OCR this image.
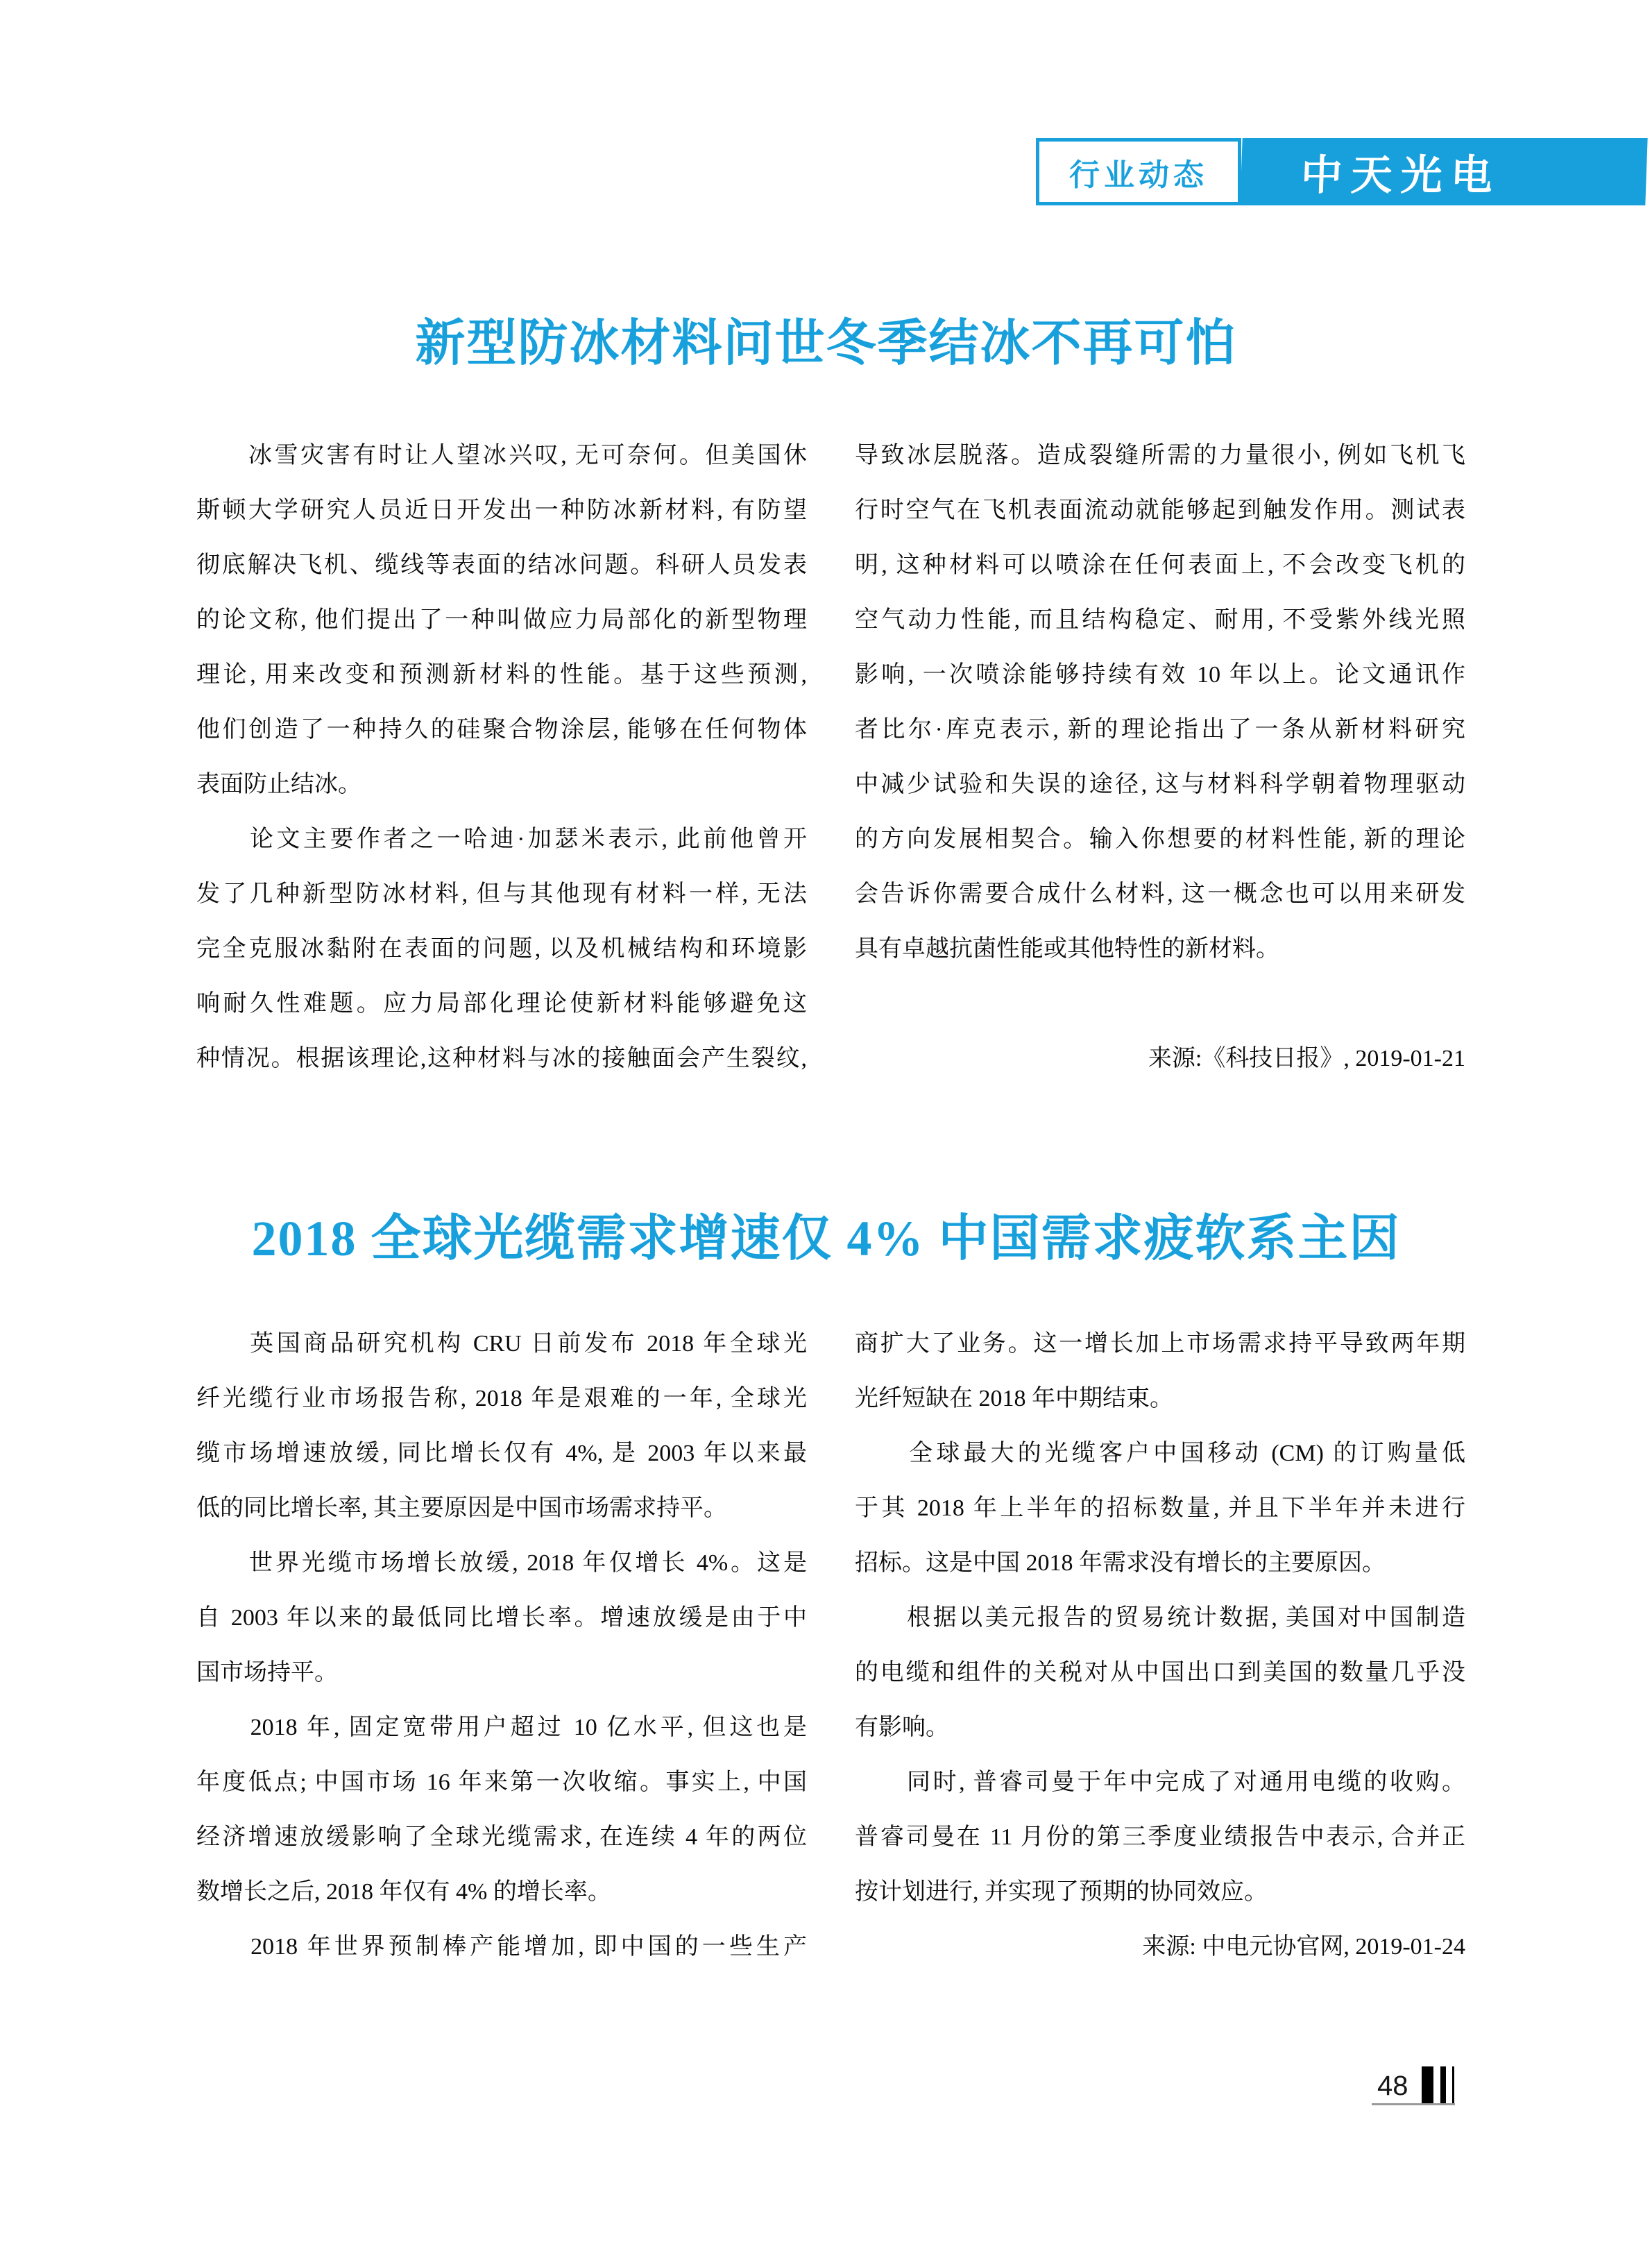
行业动态	中天光电
新型防冰材料问世冬季结冰不再可怕
　　冰雪灾害有时让人望冰兴叹, 无可奈何。但美国休
斯顿大学研究人员近日开发出一种防冰新材料, 有防望
彻底解决飞机、缆线等表面的结冰问题。科研人员发表
的论文称, 他们提出了一种叫做应力局部化的新型物理
理论, 用来改变和预测新材料的性能。基于这些预测,
他们创造了一种持久的硅聚合物涂层, 能够在任何物体
表面防止结冰。
　　论文主要作者之一哈迪·加瑟米表示, 此前他曾开
发了几种新型防冰材料, 但与其他现有材料一样, 无法
完全克服冰黏附在表面的问题, 以及机械结构和环境影
响耐久性难题。应力局部化理论使新材料能够避免这
种情况。根据该理论,这种材料与冰的接触面会产生裂纹,
导致冰层脱落。造成裂缝所需的力量很小, 例如飞机飞
行时空气在飞机表面流动就能够起到触发作用。测试表
明, 这种材料可以喷涂在任何表面上, 不会改变飞机的
空气动力性能, 而且结构稳定、耐用, 不受紫外线光照
影响, 一次喷涂能够持续有效 10 年以上。论文通讯作
者比尔·库克表示, 新的理论指出了一条从新材料研究
中减少试验和失误的途径, 这与材料科学朝着物理驱动
的方向发展相契合。输入你想要的材料性能, 新的理论
会告诉你需要合成什么材料, 这一概念也可以用来研发
具有卓越抗菌性能或其他特性的新材料。
来源:《科技日报》, 2019-01-21
2018 全球光缆需求增速仅 4% 中国需求疲软系主因
　　英国商品研究机构 CRU 日前发布 2018 年全球光
纤光缆行业市场报告称, 2018 年是艰难的一年, 全球光
缆市场增速放缓, 同比增长仅有 4%, 是 2003 年以来最
低的同比增长率, 其主要原因是中国市场需求持平。
　　世界光缆市场增长放缓, 2018 年仅增长 4%。这是
自 2003 年以来的最低同比增长率。增速放缓是由于中
国市场持平。
　　2018 年, 固定宽带用户超过 10 亿水平, 但这也是
年度低点; 中国市场 16 年来第一次收缩。事实上, 中国
经济增速放缓影响了全球光缆需求, 在连续 4 年的两位
数增长之后, 2018 年仅有 4% 的增长率。
　　2018 年世界预制棒产能增加, 即中国的一些生产
商扩大了业务。这一增长加上市场需求持平导致两年期
光纤短缺在 2018 年中期结束。
　　全球最大的光缆客户中国移动 (CM) 的订购量低
于其 2018 年上半年的招标数量, 并且下半年并未进行
招标。这是中国 2018 年需求没有增长的主要原因。
　　根据以美元报告的贸易统计数据, 美国对中国制造
的电缆和组件的关税对从中国出口到美国的数量几乎没
有影响。
　　同时, 普睿司曼于年中完成了对通用电缆的收购。
普睿司曼在 11 月份的第三季度业绩报告中表示, 合并正
按计划进行, 并实现了预期的协同效应。
来源: 中电元协官网, 2019-01-24
48
